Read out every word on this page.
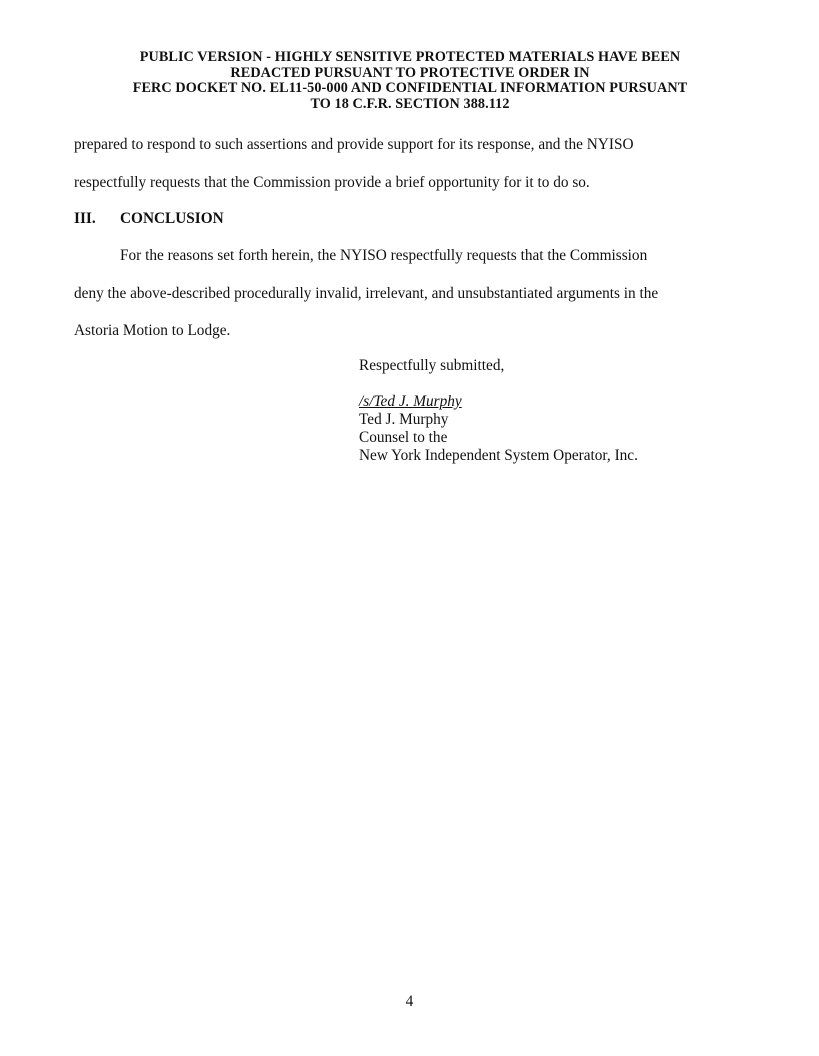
PUBLIC VERSION - HIGHLY SENSITIVE PROTECTED MATERIALS HAVE BEEN
REDACTED PURSUANT TO PROTECTIVE ORDER IN
FERC DOCKET NO. EL11-50-000 AND CONFIDENTIAL INFORMATION PURSUANT
TO 18 C.F.R. SECTION 388.112
prepared to respond to such assertions and provide support for its response, and the NYISO
respectfully requests that the Commission provide a brief opportunity for it to do so.
III. CONCLUSION
For the reasons set forth herein, the NYISO respectfully requests that the Commission
deny the above-described procedurally invalid, irrelevant, and unsubstantiated arguments in the
Astoria Motion to Lodge.
Respectfully submitted,
/s/Ted J. Murphy
Ted J. Murphy
Counsel to the
New York Independent System Operator, Inc.
4
